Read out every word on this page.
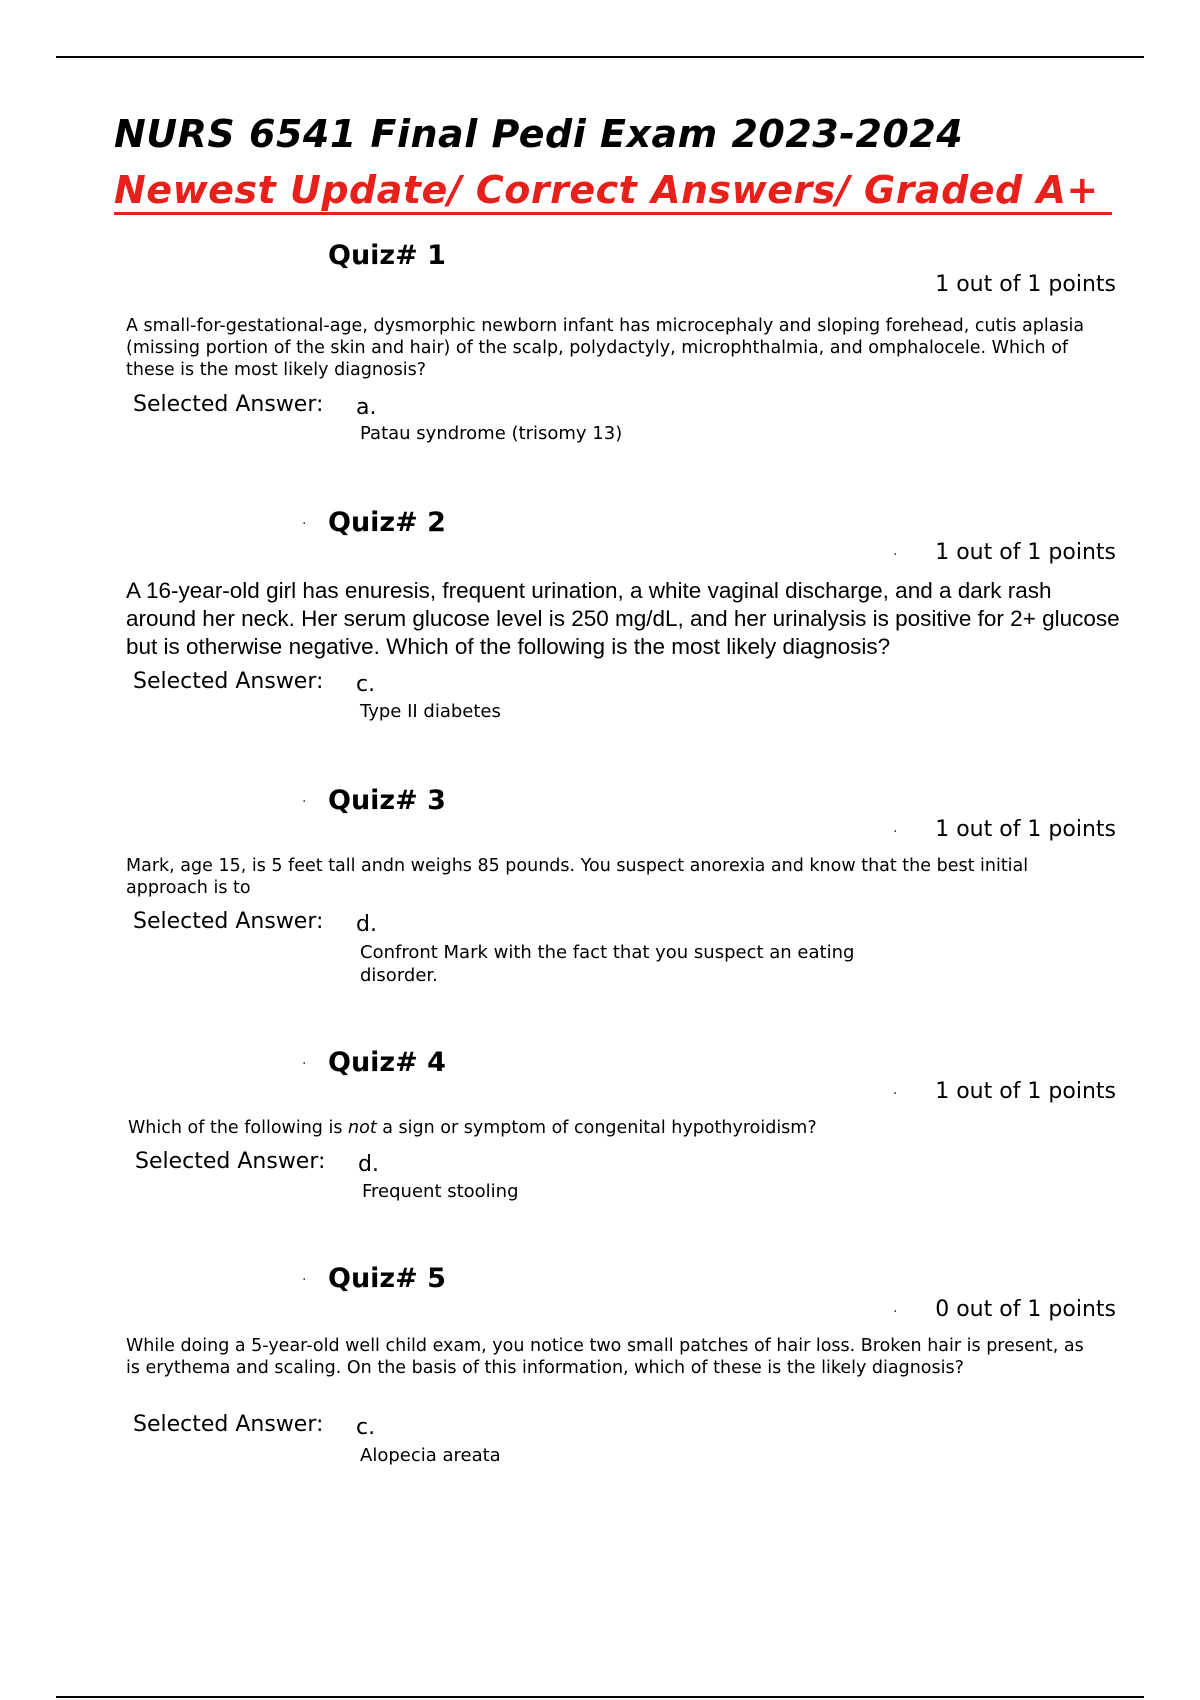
NURS 6541 Final Pedi Exam 2023-2024
Newest Update/ Correct Answers/ Graded A+
Quiz# 1
1 out of 1 points
A small-for-gestational-age, dysmorphic newborn infant has microcephaly and sloping forehead, cutis aplasia (missing portion of the skin and hair) of the scalp, polydactyly, microphthalmia, and omphalocele. Which of these is the most likely diagnosis?
Selected Answer: a.
Patau syndrome (trisomy 13)
· Quiz# 2
· 1 out of 1 points
A 16-year-old girl has enuresis, frequent urination, a white vaginal discharge, and a dark rash around her neck. Her serum glucose level is 250 mg/dL, and her urinalysis is positive for 2+ glucose but is otherwise negative. Which of the following is the most likely diagnosis?
Selected Answer: c.
Type II diabetes
· Quiz# 3
· 1 out of 1 points
Mark, age 15, is 5 feet tall andn weighs 85 pounds. You suspect anorexia and know that the best initial approach is to
Selected Answer: d.
Confront Mark with the fact that you suspect an eating disorder.
· Quiz# 4
· 1 out of 1 points
Which of the following is not a sign or symptom of congenital hypothyroidism?
Selected Answer: d.
Frequent stooling
· Quiz# 5
· 0 out of 1 points
While doing a 5-year-old well child exam, you notice two small patches of hair loss. Broken hair is present, as is erythema and scaling. On the basis of this information, which of these is the likely diagnosis?
Selected Answer: c.
Alopecia areata
